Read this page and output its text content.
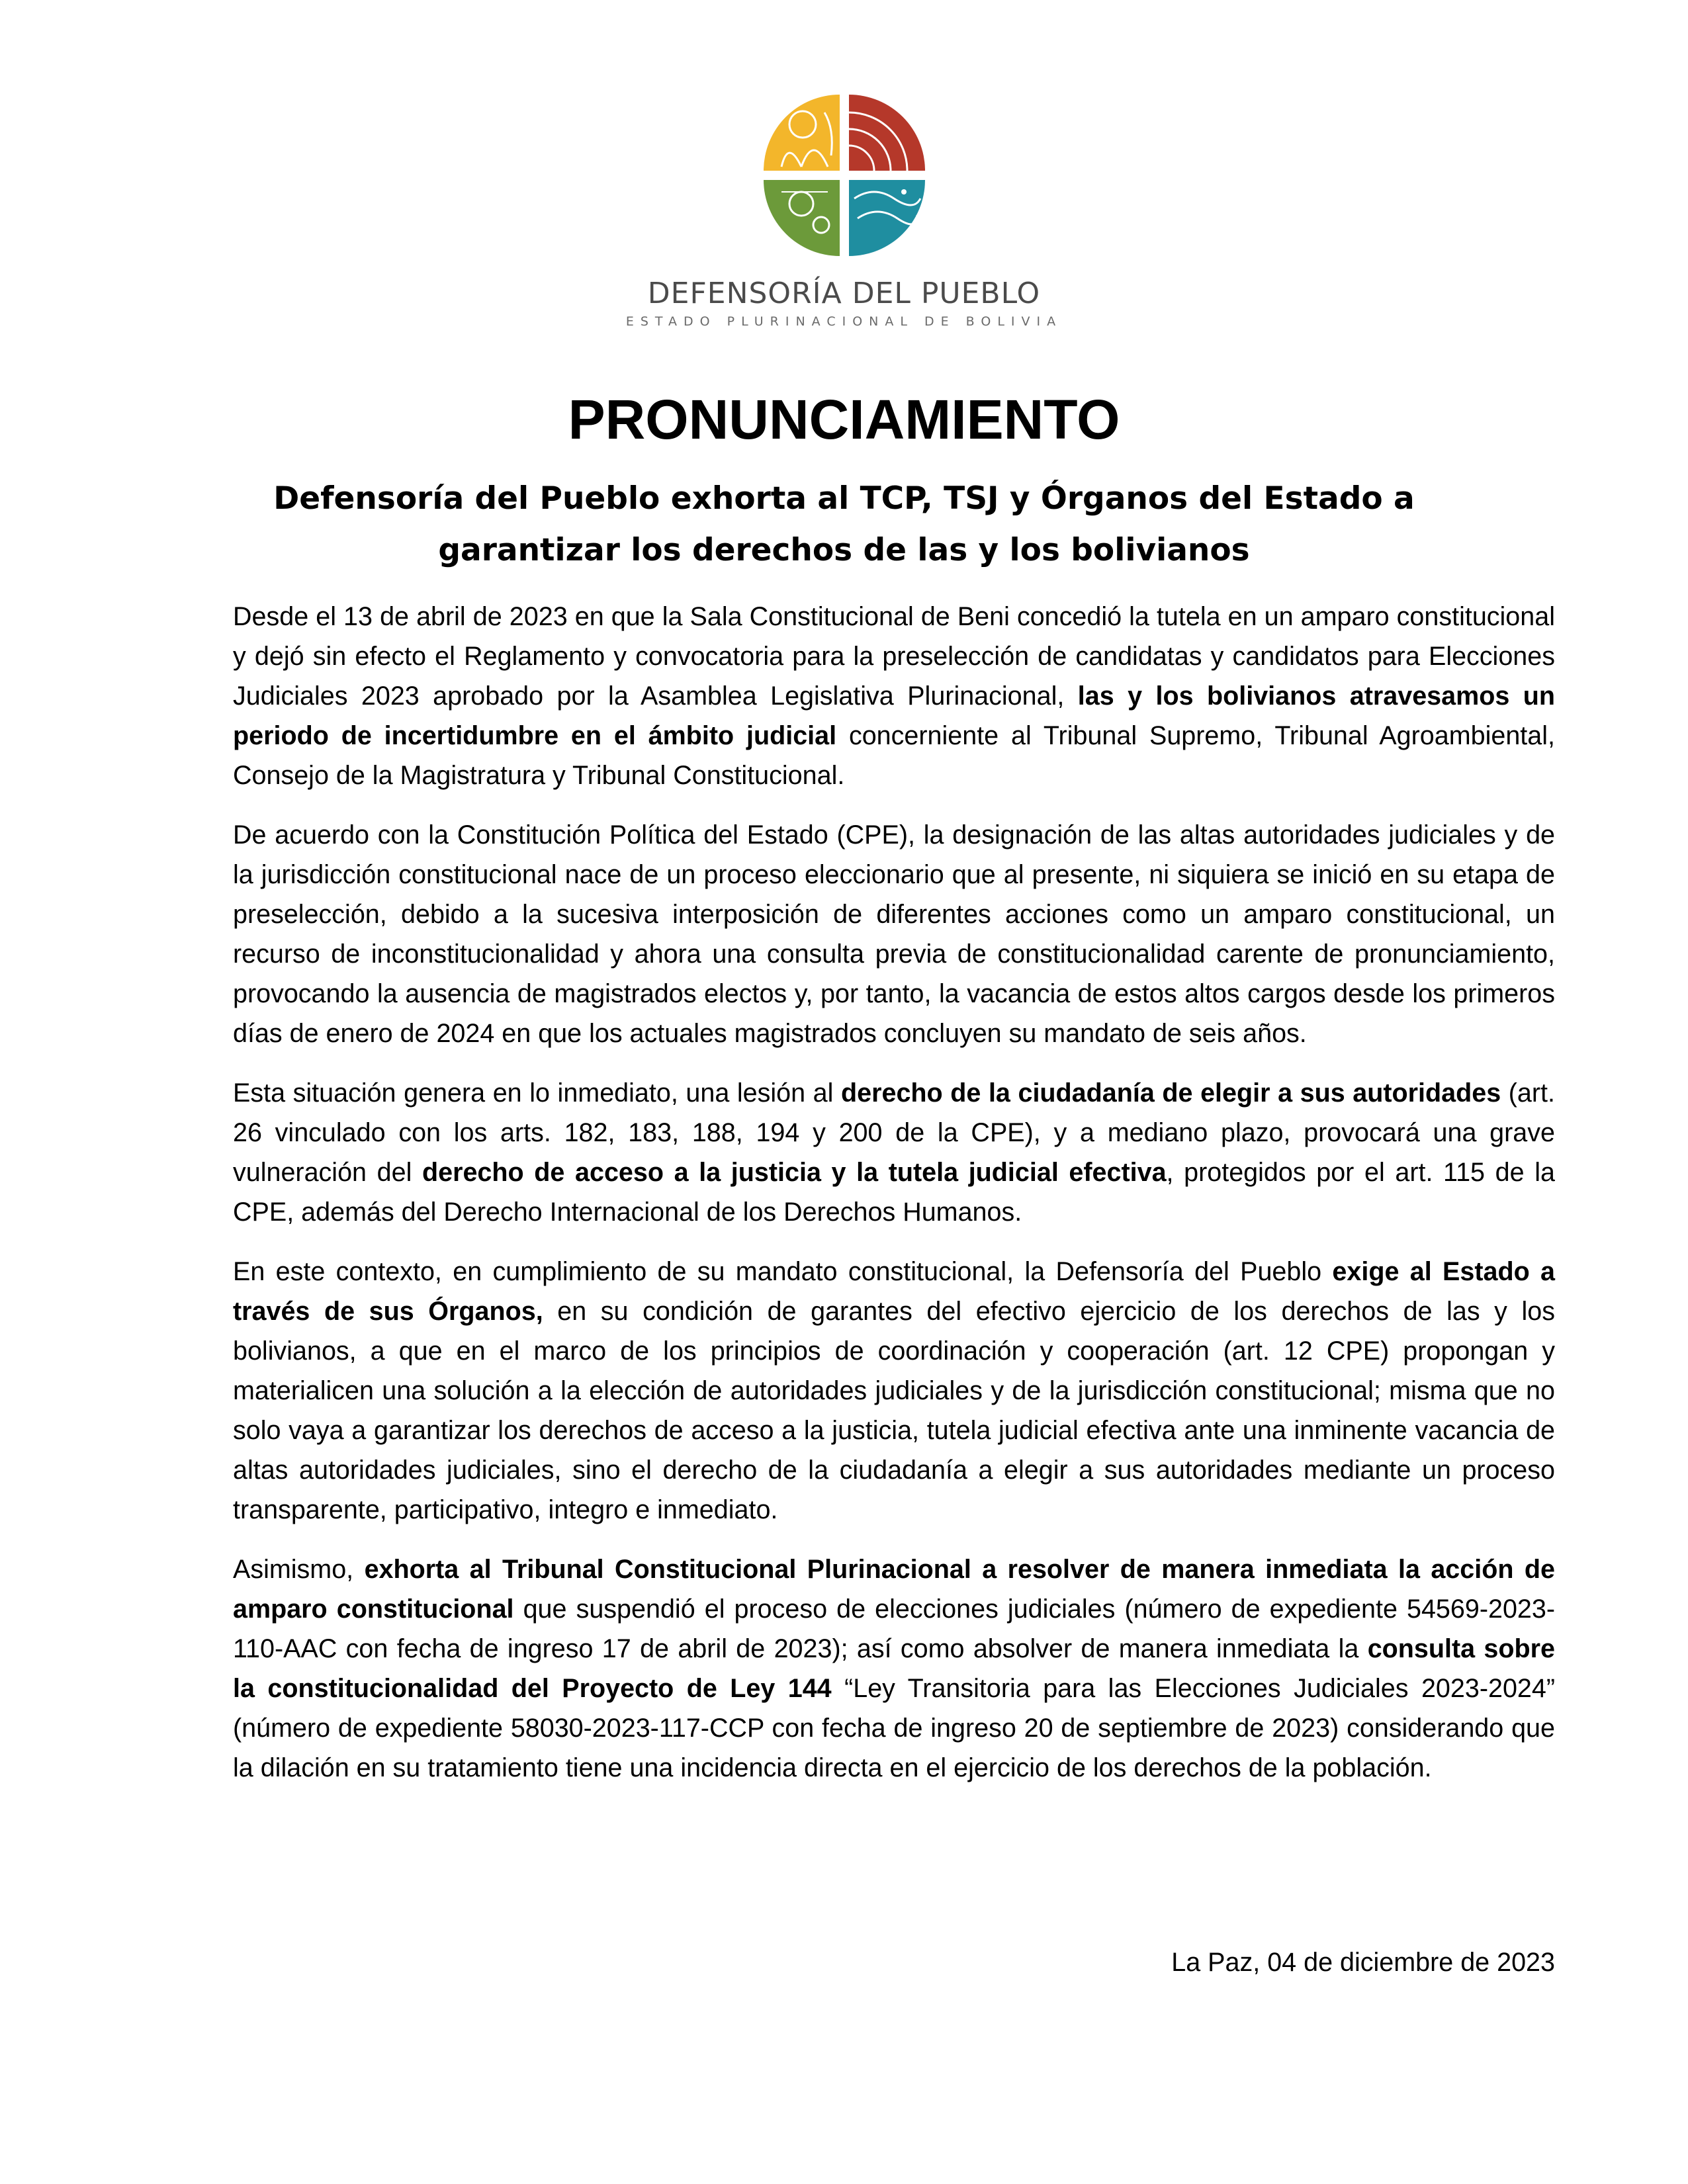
DEFENSORÍA DEL PUEBLO
ESTADO PLURINACIONAL DE BOLIVIA
PRONUNCIAMIENTO
Defensoría del Pueblo exhorta al TCP, TSJ y Órganos del Estado a garantizar los derechos de las y los bolivianos

Desde el 13 de abril de 2023 en que la Sala Constitucional de Beni concedió la tutela en un amparo constitucional y dejó sin efecto el Reglamento y convocatoria para la preselección de candidatas y candidatos para Elecciones Judiciales 2023 aprobado por la Asamblea Legislativa Plurinacional, las y los bolivianos atravesamos un periodo de incertidumbre en el ámbito judicial concerniente al Tribunal Supremo, Tribunal Agroambiental, Consejo de la Magistratura y Tribunal Constitucional.

De acuerdo con la Constitución Política del Estado (CPE), la designación de las altas autoridades judiciales y de la jurisdicción constitucional nace de un proceso eleccionario que al presente, ni siquiera se inició en su etapa de preselección, debido a la sucesiva interposición de diferentes acciones como un amparo constitucional, un recurso de inconstitucionalidad y ahora una consulta previa de constitucionalidad carente de pronunciamiento, provocando la ausencia de magistrados electos y, por tanto, la vacancia de estos altos cargos desde los primeros días de enero de 2024 en que los actuales magistrados concluyen su mandato de seis años.

Esta situación genera en lo inmediato, una lesión al derecho de la ciudadanía de elegir a sus autoridades (art. 26 vinculado con los arts. 182, 183, 188, 194 y 200 de la CPE), y a mediano plazo, provocará una grave vulneración del derecho de acceso a la justicia y la tutela judicial efectiva, protegidos por el art. 115 de la CPE, además del Derecho Internacional de los Derechos Humanos.

En este contexto, en cumplimiento de su mandato constitucional, la Defensoría del Pueblo exige al Estado a través de sus Órganos, en su condición de garantes del efectivo ejercicio de los derechos de las y los bolivianos, a que en el marco de los principios de coordinación y cooperación (art. 12 CPE) propongan y materialicen una solución a la elección de autoridades judiciales y de la jurisdicción constitucional; misma que no solo vaya a garantizar los derechos de acceso a la justicia, tutela judicial efectiva ante una inminente vacancia de altas autoridades judiciales, sino el derecho de la ciudadanía a elegir a sus autoridades mediante un proceso transparente, participativo, integro e inmediato.

Asimismo, exhorta al Tribunal Constitucional Plurinacional a resolver de manera inmediata la acción de amparo constitucional que suspendió el proceso de elecciones judiciales (número de expediente 54569-2023-110-AAC con fecha de ingreso 17 de abril de 2023); así como absolver de manera inmediata la consulta sobre la constitucionalidad del Proyecto de Ley 144 “Ley Transitoria para las Elecciones Judiciales 2023-2024” (número de expediente 58030-2023-117-CCP con fecha de ingreso 20 de septiembre de 2023) considerando que la dilación en su tratamiento tiene una incidencia directa en el ejercicio de los derechos de la población.

La Paz, 04 de diciembre de 2023
